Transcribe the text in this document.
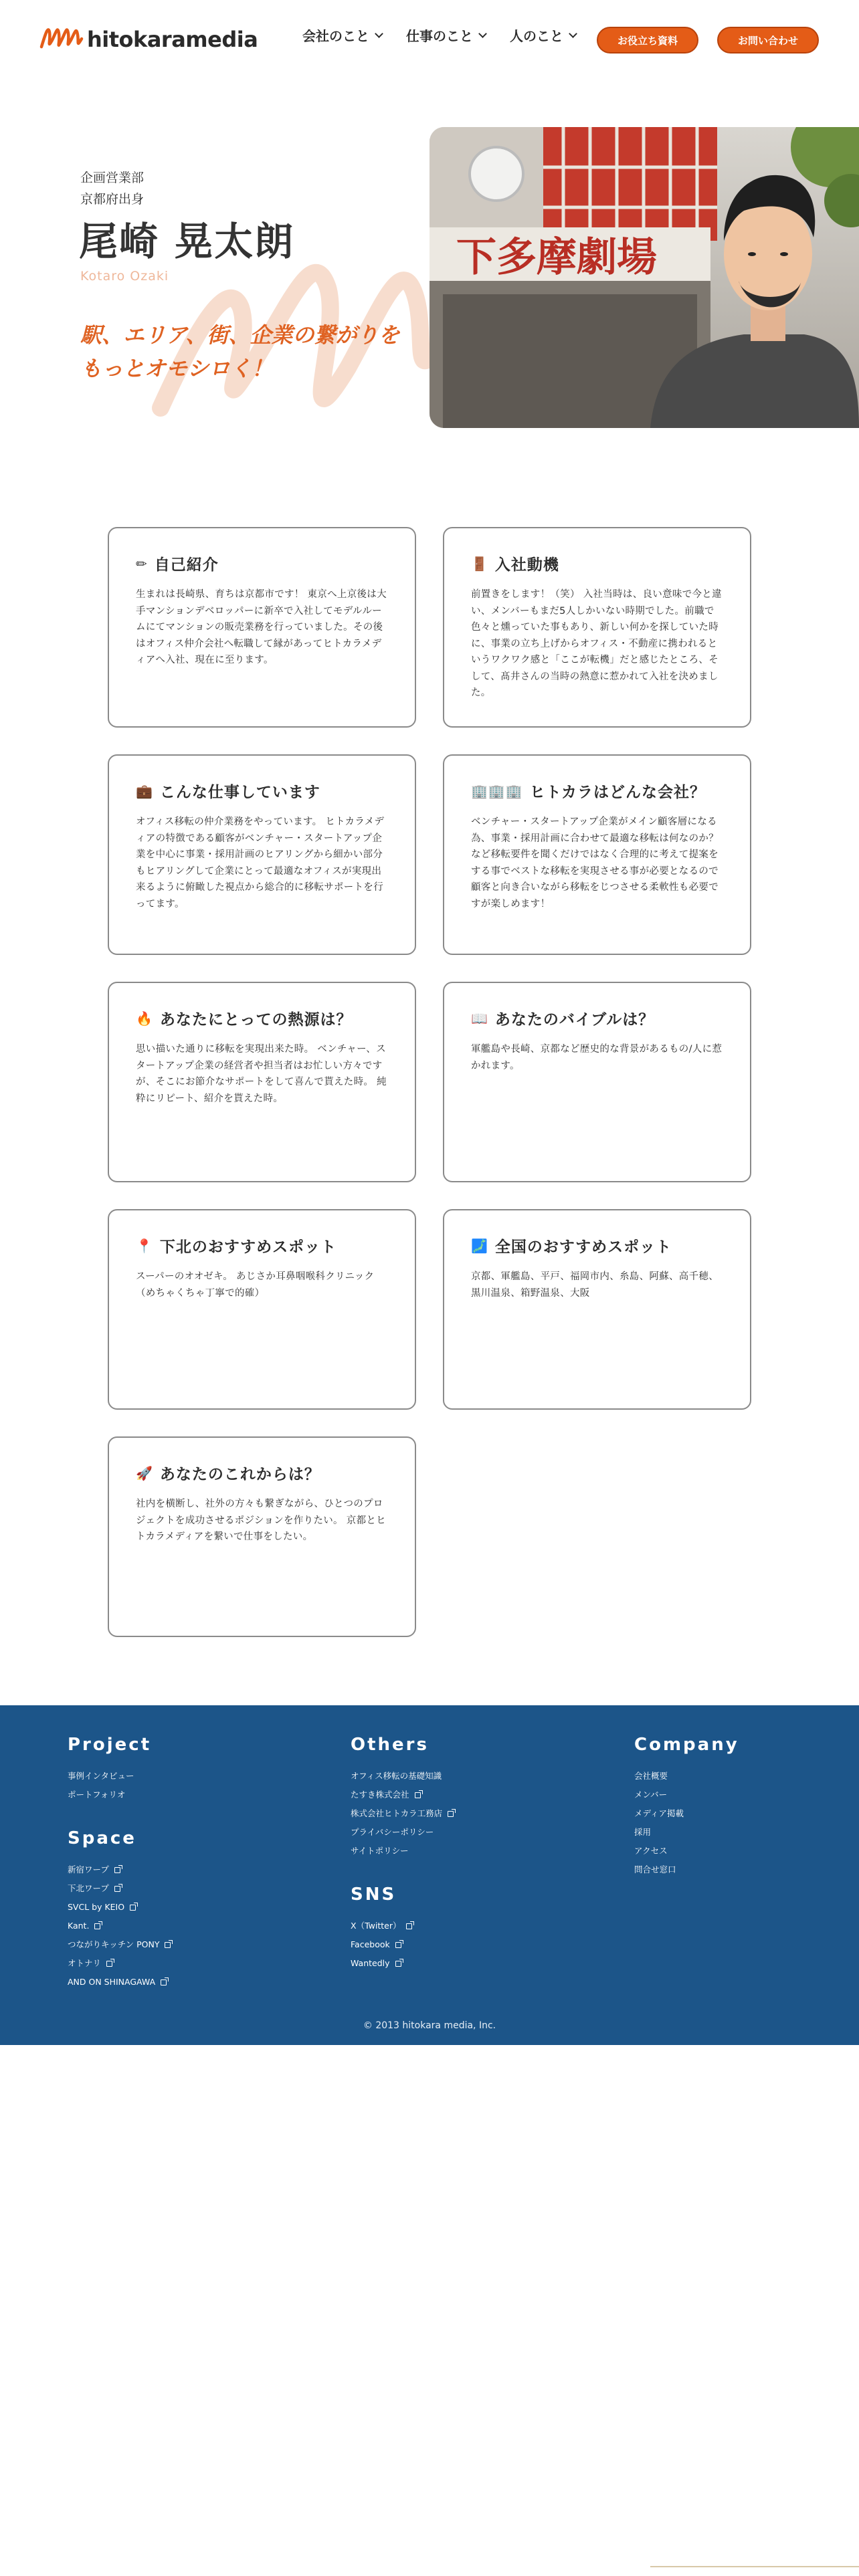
hitokaramedia	会社のこと	仕事のこと	人のこと	お役立ち資料	お問い合わせ
企画営業部
京都府出身
尾崎 晃太朗
Kotaro Ozaki
駅、エリア、街、企業の繋がりをもっとオモシロく！
下多摩劇場
✏ 自己紹介
生まれは長崎県、育ちは京都市です！ 東京へ上京後は大手マンションデベロッパーに新卒で入社してモデルルームにてマンションの販売業務を行っていました。その後はオフィス仲介会社へ転職して縁があってヒトカラメディアへ入社、現在に至ります。
🚪 入社動機
前置きをします！（笑） 入社当時は、良い意味で今と違い、メンバーもまだ5人しかいない時期でした。前職で色々と燻っていた事もあり、新しい何かを探していた時に、事業の立ち上げからオフィス・不動産に携われるというワクワク感と「ここが転機」だと感じたところ、そして、髙井さんの当時の熱意に惹かれて入社を決めました。
💼 こんな仕事しています
オフィス移転の仲介業務をやっています。 ヒトカラメディアの特徴である顧客がベンチャー・スタートアップ企業を中心に事業・採用計画のヒアリングから細かい部分もヒアリングして企業にとって最適なオフィスが実現出来るように俯瞰した視点から総合的に移転サポートを行ってます。
🏢🏢🏢 ヒトカラはどんな会社？
ベンチャー・スタートアップ企業がメイン顧客層になる為、事業・採用計画に合わせて最適な移転は何なのか？など移転要件を聞くだけではなく合理的に考えて提案をする事でベストな移転を実現させる事が必要となるので顧客と向き合いながら移転をじつさせる柔軟性も必要ですが楽しめます！
🔥 あなたにとっての熱源は？
思い描いた通りに移転を実現出来た時。 ベンチャー、スタートアップ企業の経営者や担当者はお忙しい方々ですが、そこにお節介なサポートをして喜んで貰えた時。 純粋にリピート、紹介を貰えた時。
📖 あなたのバイブルは？
軍艦島や長崎、京都など歴史的な背景があるもの/人に惹かれます。
📍 下北のおすすめスポット
スーパーのオオゼキ。 あじさか耳鼻咽喉科クリニック（めちゃくちゃ丁寧で的確）
🗾 全国のおすすめスポット
京都、軍艦島、平戸、福岡市内、糸島、阿蘇、高千穂、黒川温泉、箱野温泉、大阪
🚀 あなたのこれからは？
社内を横断し、社外の方々も繋ぎながら、ひとつのプロジェクトを成功させるポジションを作りたい。 京都とヒトカラメディアを繋いで仕事をしたい。
Project
事例インタビュー
ポートフォリオ
Space
新宿ワープ
下北ワープ
SVCL by KEIO
Kant.
つながりキッチン PONY
オトナリ
AND ON SHINAGAWA
Others
オフィス移転の基礎知識
たすき株式会社
株式会社ヒトカラ工務店
プライバシーポリシー
サイトポリシー
SNS
X（Twitter）
Facebook
Wantedly
Company
会社概要
メンバー
メディア掲載
採用
アクセス
問合せ窓口
© 2013 hitokara media, Inc.
